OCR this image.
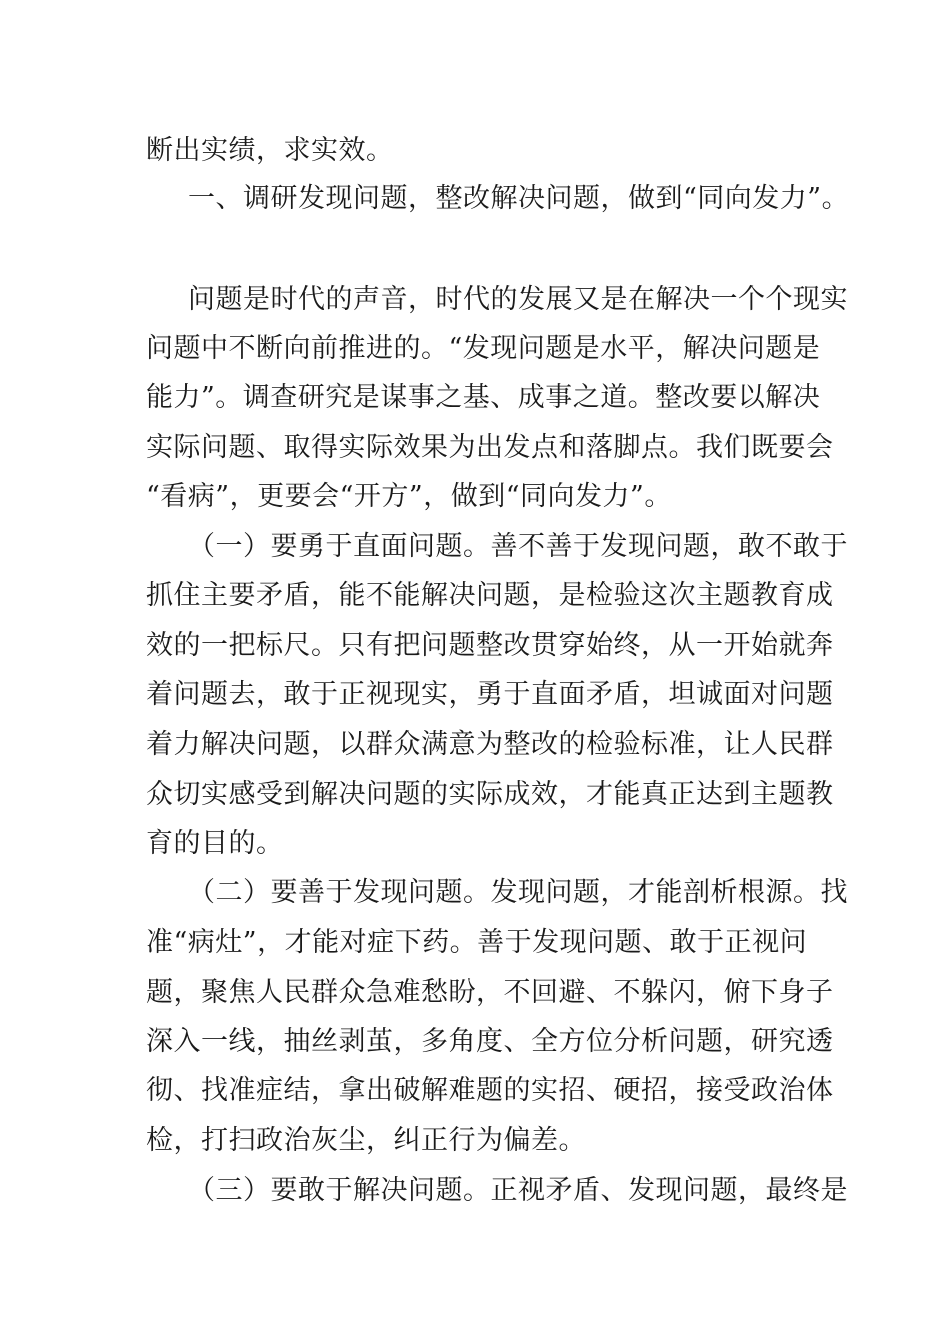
断出实绩，求实效。
一、调研发现问题，整改解决问题，做到“同向发力”。
问题是时代的声音，时代的发展又是在解决一个个现实
问题中不断向前推进的。“发现问题是水平，解决问题是
能力”。调查研究是谋事之基、成事之道。整改要以解决
实际问题、取得实际效果为出发点和落脚点。我们既要会
“看病”，更要会“开方”，做到“同向发力”。
（一）要勇于直面问题。善不善于发现问题，敢不敢于
抓住主要矛盾，能不能解决问题，是检验这次主题教育成
效的一把标尺。只有把问题整改贯穿始终，从一开始就奔
着问题去，敢于正视现实，勇于直面矛盾，坦诚面对问题
着力解决问题，以群众满意为整改的检验标准，让人民群
众切实感受到解决问题的实际成效，才能真正达到主题教
育的目的。
（二）要善于发现问题。发现问题，才能剖析根源。找
准“病灶”，才能对症下药。善于发现问题、敢于正视问
题，聚焦人民群众急难愁盼，不回避、不躲闪，俯下身子
深入一线，抽丝剥茧，多角度、全方位分析问题，研究透
彻、找准症结，拿出破解难题的实招、硬招，接受政治体
检，打扫政治灰尘，纠正行为偏差。
（三）要敢于解决问题。正视矛盾、发现问题，最终是
